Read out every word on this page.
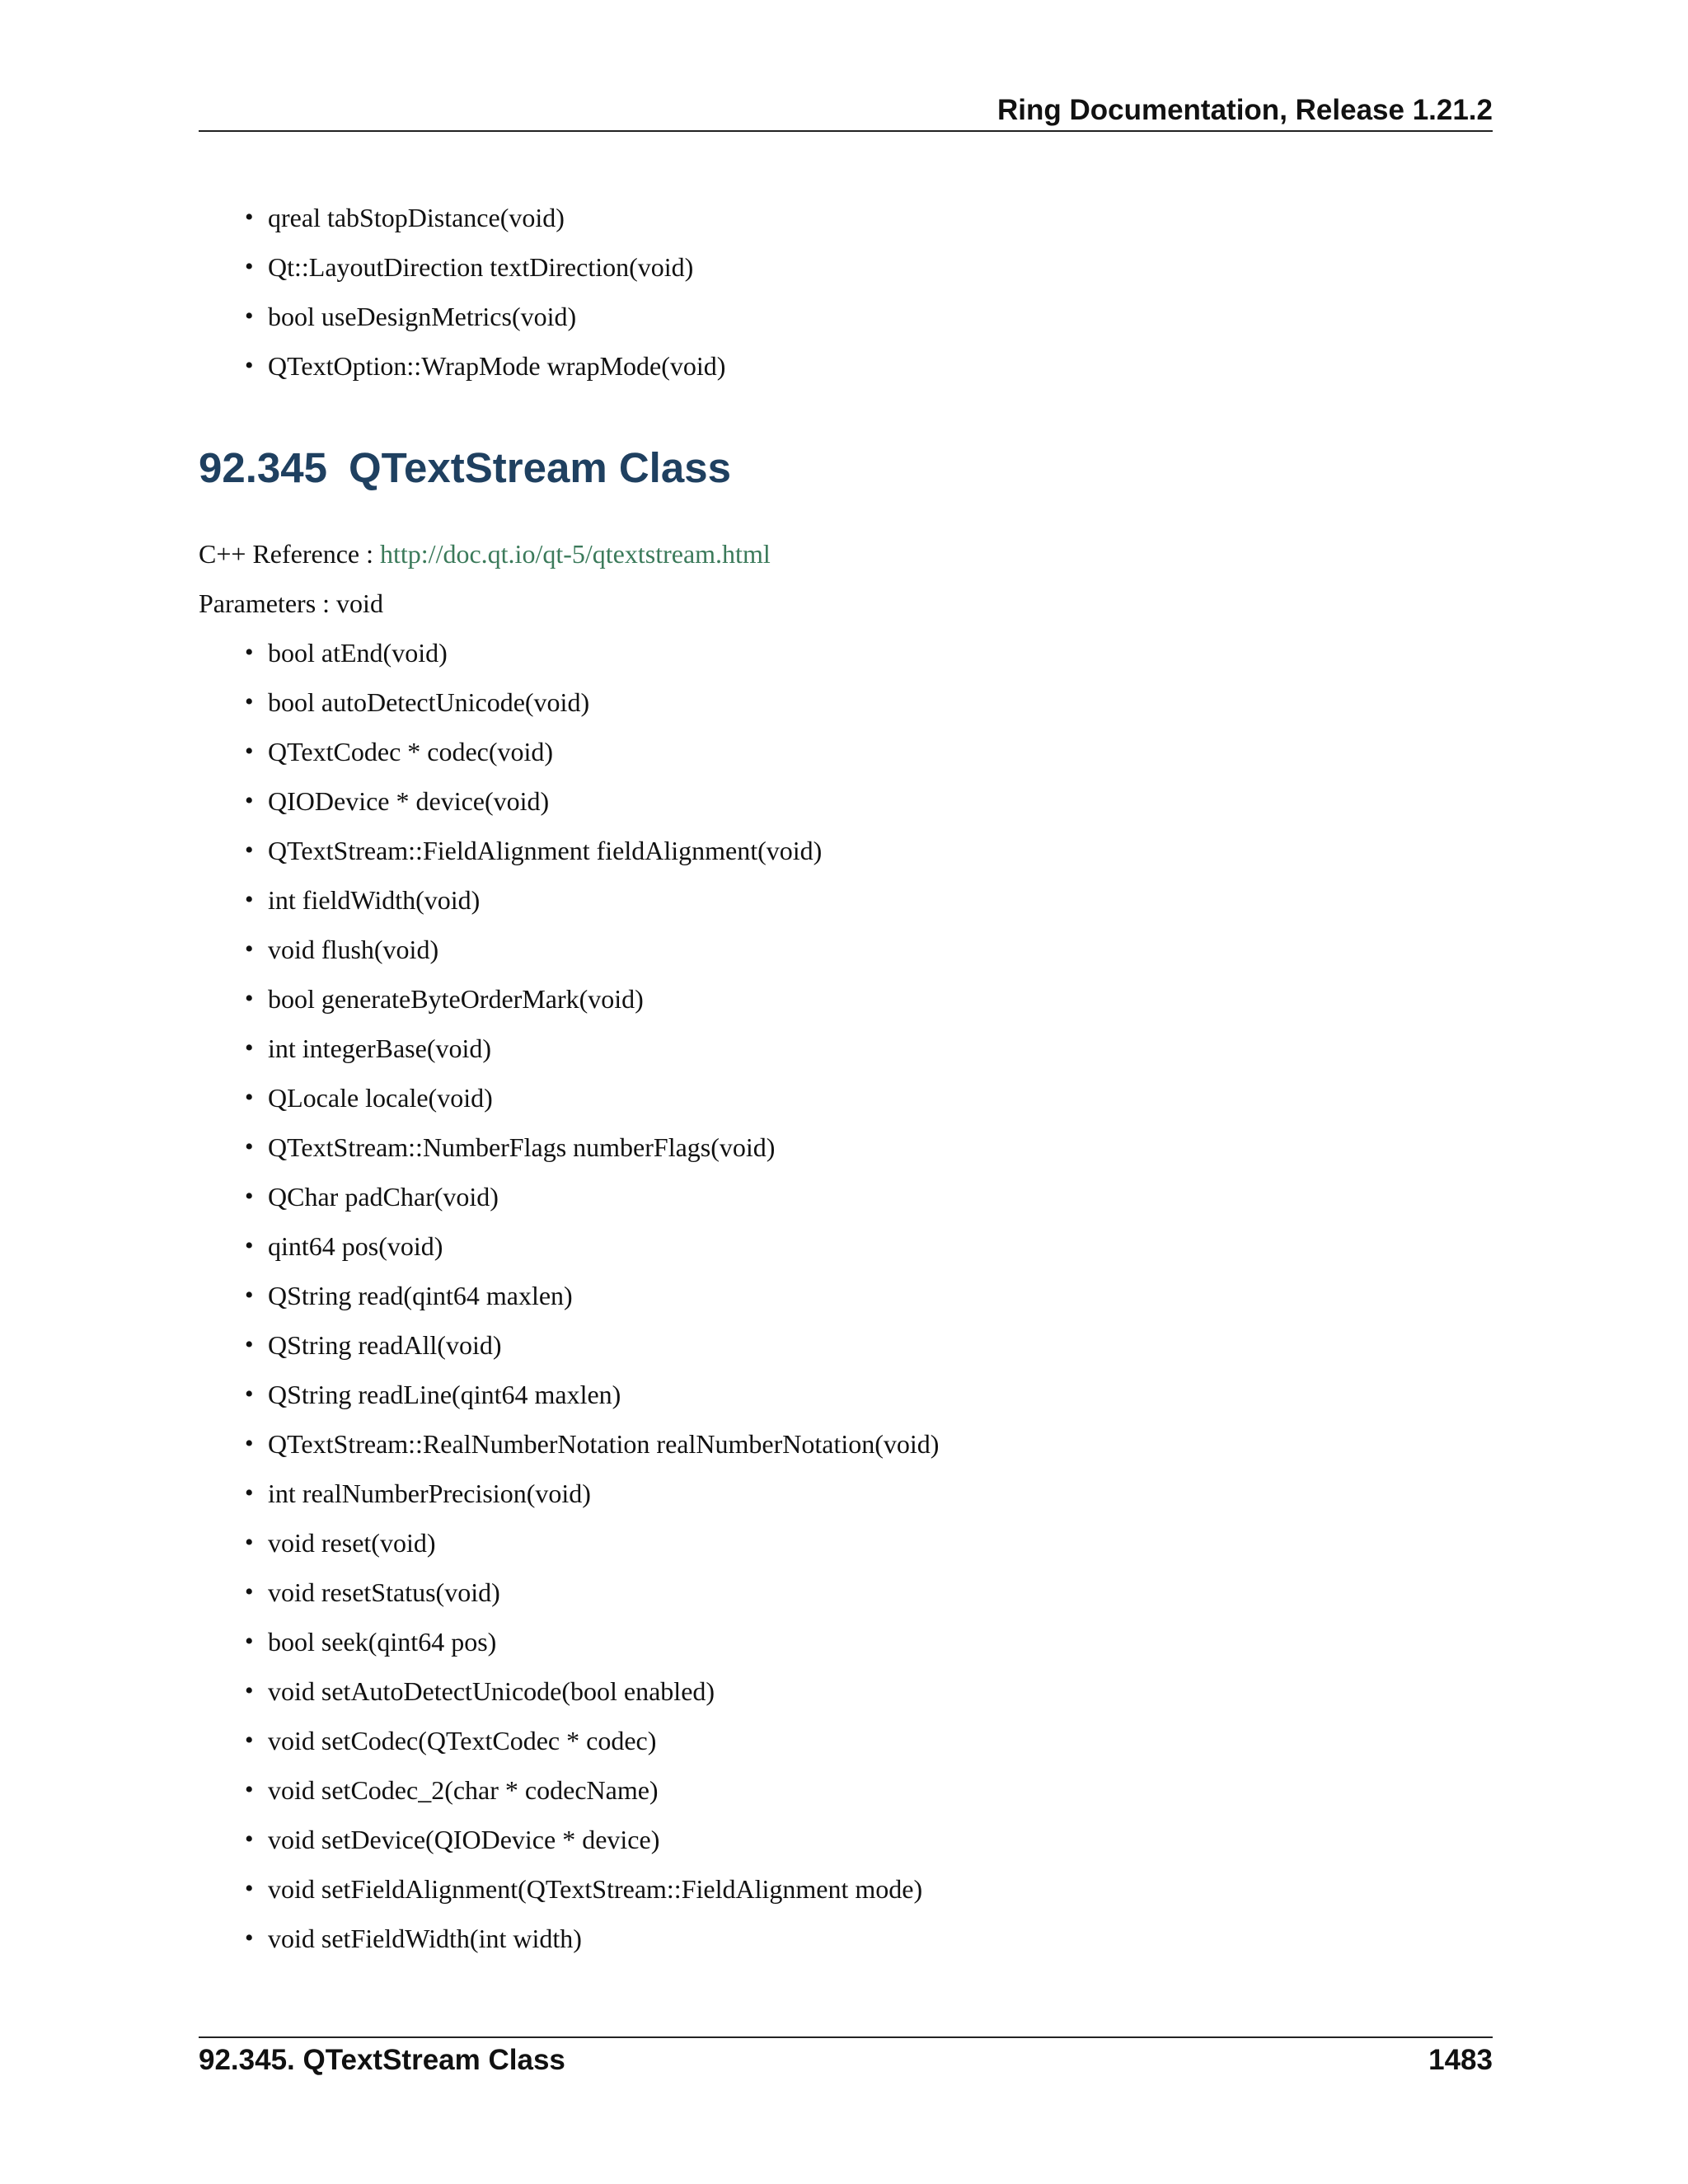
Ring Documentation, Release 1.21.2
• qreal tabStopDistance(void)
• Qt::LayoutDirection textDirection(void)
• bool useDesignMetrics(void)
• QTextOption::WrapMode wrapMode(void)
92.345 QTextStream Class
C++ Reference : http://doc.qt.io/qt-5/qtextstream.html
Parameters : void
• bool atEnd(void)
• bool autoDetectUnicode(void)
• QTextCodec * codec(void)
• QIODevice * device(void)
• QTextStream::FieldAlignment fieldAlignment(void)
• int fieldWidth(void)
• void flush(void)
• bool generateByteOrderMark(void)
• int integerBase(void)
• QLocale locale(void)
• QTextStream::NumberFlags numberFlags(void)
• QChar padChar(void)
• qint64 pos(void)
• QString read(qint64 maxlen)
• QString readAll(void)
• QString readLine(qint64 maxlen)
• QTextStream::RealNumberNotation realNumberNotation(void)
• int realNumberPrecision(void)
• void reset(void)
• void resetStatus(void)
• bool seek(qint64 pos)
• void setAutoDetectUnicode(bool enabled)
• void setCodec(QTextCodec * codec)
• void setCodec_2(char * codecName)
• void setDevice(QIODevice * device)
• void setFieldAlignment(QTextStream::FieldAlignment mode)
• void setFieldWidth(int width)
92.345. QTextStream Class	1483
